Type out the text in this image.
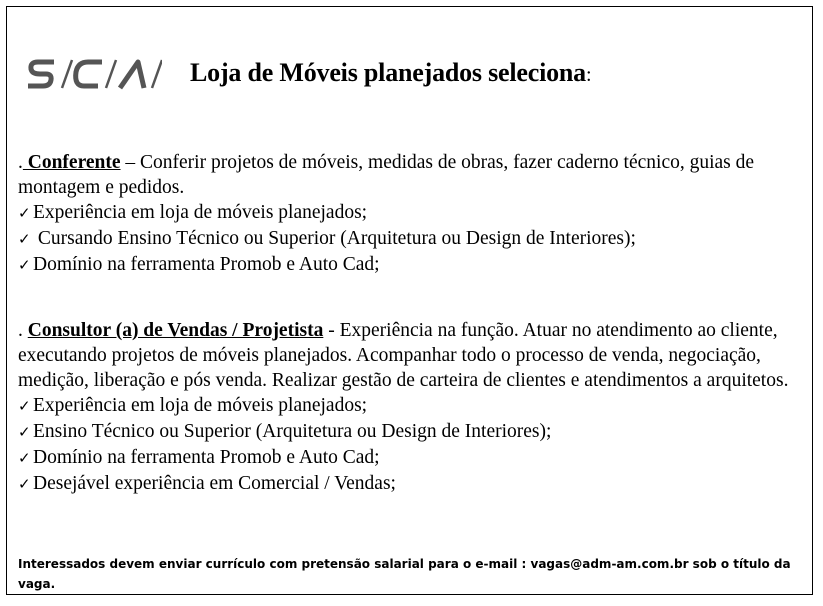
Loja de Móveis planejados seleciona:

. Conferente – Conferir projetos de móveis, medidas de obras, fazer caderno técnico, guias de montagem e pedidos.

✓ Experiência em loja de móveis planejados;

✓ Cursando Ensino Técnico ou Superior (Arquitetura ou Design de Interiores);

✓ Domínio na ferramenta Promob e Auto Cad;

. Consultor (a) de Vendas / Projetista - Experiência na função. Atuar no atendimento ao cliente, executando projetos de móveis planejados. Acompanhar todo o processo de venda, negociação, medição, liberação e pós venda. Realizar gestão de carteira de clientes e atendimentos a arquitetos.

✓ Experiência em loja de móveis planejados;

✓ Ensino Técnico ou Superior (Arquitetura ou Design de Interiores);

✓ Domínio na ferramenta Promob e Auto Cad;

✓ Desejável experiência em Comercial / Vendas;

Interessados devem enviar currículo com pretensão salarial para o e-mail : vagas@adm-am.com.br sob o título da vaga.
